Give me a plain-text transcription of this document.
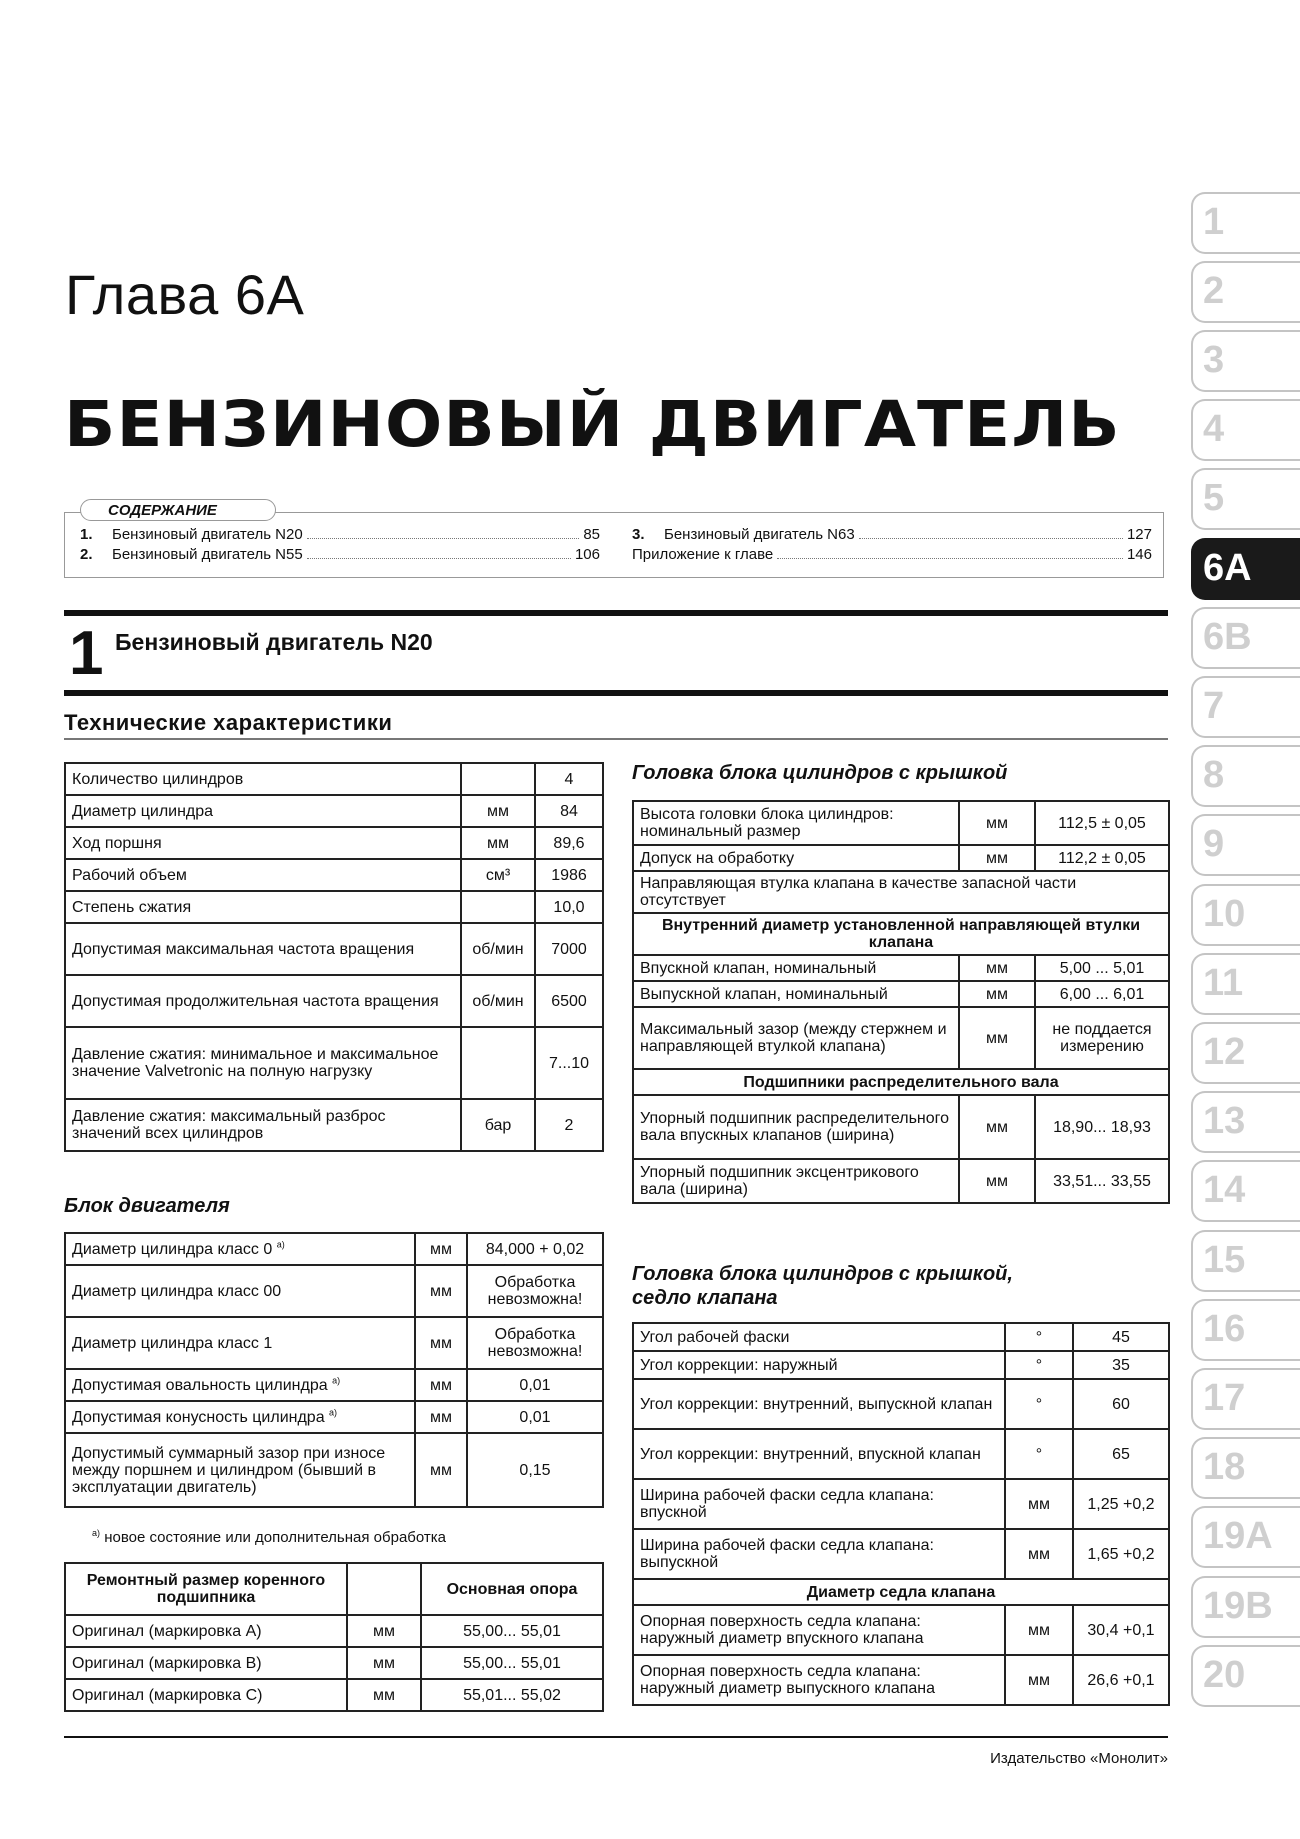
Глава 6А
БЕНЗИНОВЫЙ ДВИГАТЕЛЬ
СОДЕРЖАНИЕ
1.	Бензиновый двигатель N20	85
2.	Бензиновый двигатель N55	106
3.	Бензиновый двигатель N63	127
Приложение к главе	146
1 Бензиновый двигатель N20
Технические характеристики
Количество цилиндров		4
Диаметр цилиндра	мм	84
Ход поршня	мм	89,6
Рабочий объем	см³	1986
Степень сжатия		10,0
Допустимая максимальная частота вращения	об/мин	7000
Допустимая продолжительная частота вращения	об/мин	6500
Давление сжатия: минимальное и максимальное значение Valvetronic на полную нагрузку		7...10
Давление сжатия: максимальный разброс значений всех цилиндров	бар	2
Блок двигателя
Диаметр цилиндра класс 0 $^{а)}$	мм	84,000 + 0,02
Диаметр цилиндра класс 00	мм	Обработка невозможна!
Диаметр цилиндра класс 1	мм	Обработка невозможна!
Допустимая овальность цилиндра $^{а)}$	мм	0,01
Допустимая конусность цилиндра $^{а)}$	мм	0,01
Допустимый суммарный зазор при износе между поршнем и цилиндром (бывший в эксплуатации двигатель)	мм	0,15
$^{а)}$ новое состояние или дополнительная обработка
Ремонтный размер коренного подшипника		Основная опора
Оригинал (маркировка А)	мм	55,00... 55,01
Оригинал (маркировка В)	мм	55,00... 55,01
Оригинал (маркировка С)	мм	55,01... 55,02
Головка блока цилиндров с крышкой
Высота головки блока цилиндров: номинальный размер	мм	112,5 ± 0,05
Допуск на обработку	мм	112,2 ± 0,05
Направляющая втулка клапана в качестве запасной части отсутствует		
Внутренний диаметр установленной направляющей втулки клапана		
Впускной клапан, номинальный	мм	5,00 ... 5,01
Выпускной клапан, номинальный	мм	6,00 ... 6,01
Максимальный зазор (между стержнем и направляющей втулкой клапана)	мм	не поддается измерению
Подшипники распределительного вала		
Упорный подшипник распределительного вала впускных клапанов (ширина)	мм	18,90... 18,93
Упорный подшипник эксцентрикового вала (ширина)	мм	33,51... 33,55
Головка блока цилиндров с крышкой,
седло клапана
Угол рабочей фаски	°	45
Угол коррекции: наружный	°	35
Угол коррекции: внутренний, выпускной клапан	°	60
Угол коррекции: внутренний, впускной клапан	°	65
Ширина рабочей фаски седла клапана: впускной	мм	1,25 +0,2
Ширина рабочей фаски седла клапана: выпускной	мм	1,65 +0,2
Диаметр седла клапана		
Опорная поверхность седла клапана: наружный диаметр впускного клапана	мм	30,4 +0,1
Опорная поверхность седла клапана: наружный диаметр выпускного клапана	мм	26,6 +0,1
Издательство «Монолит»
1
2
3
4
5
6А
6В
7
8
9
10
11
12
13
14
15
16
17
18
19А
19В
20
